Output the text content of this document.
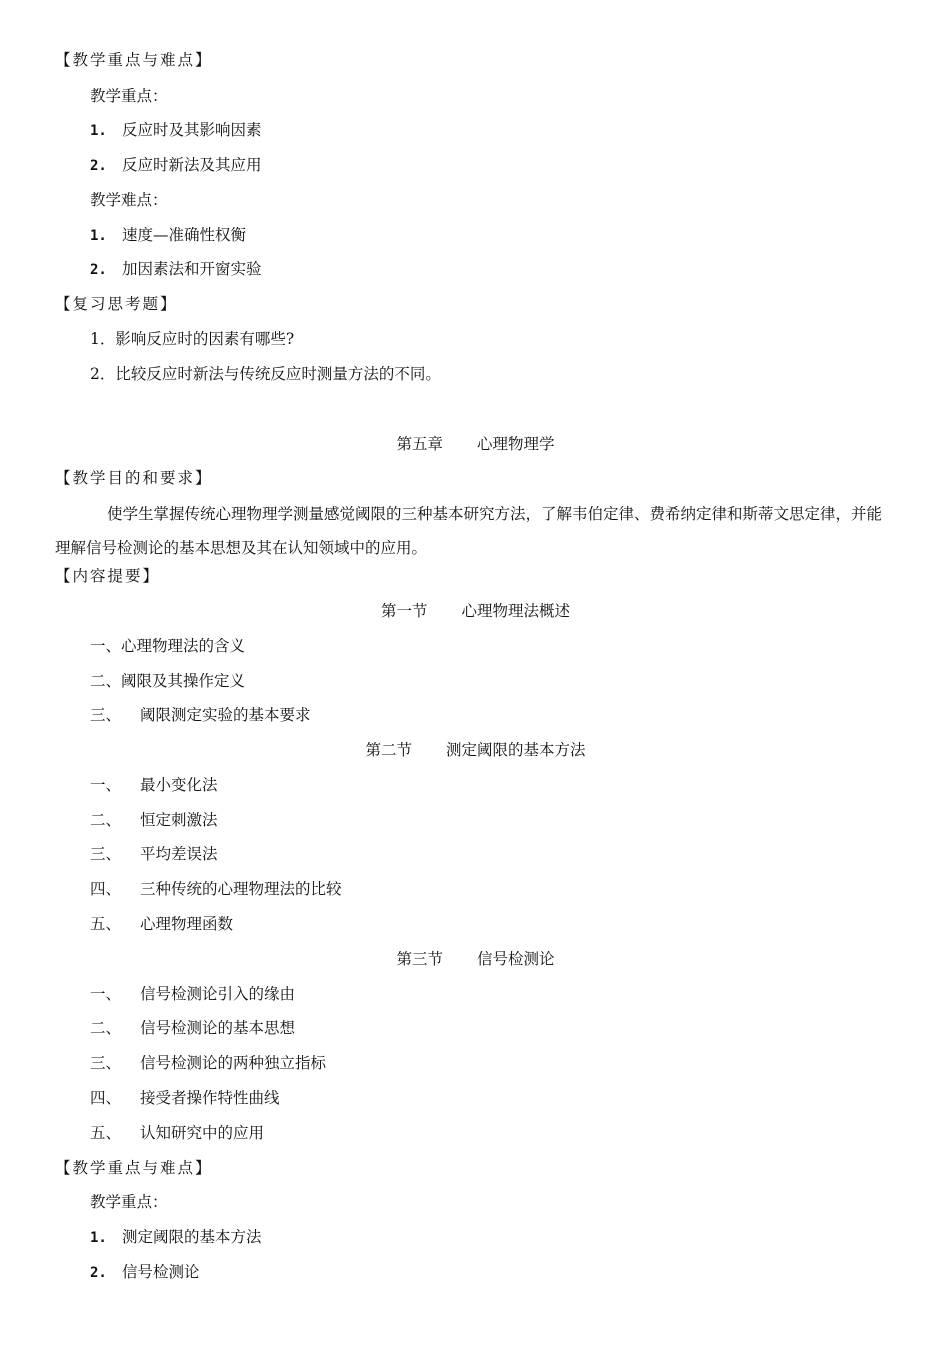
【教学重点与难点】
教学重点：
1. 反应时及其影响因素
2. 反应时新法及其应用
教学难点：
1. 速度—准确性权衡
2. 加因素法和开窗实验
【复习思考题】
1．影响反应时的因素有哪些?
2．比较反应时新法与传统反应时测量方法的不同。
第五章 心理物理学
【教学目的和要求】
使学生掌握传统心理物理学测量感觉阈限的三种基本研究方法，了解韦伯定律、费希纳定律和斯蒂文思定律，并能理解信号检测论的基本思想及其在认知领域中的应用。
【内容提要】
第一节 心理物理法概述
一、心理物理法的含义
二、阈限及其操作定义
三、 阈限测定实验的基本要求
第二节 测定阈限的基本方法
一、 最小变化法
二、 恒定刺激法
三、 平均差误法
四、 三种传统的心理物理法的比较
五、 心理物理函数
第三节 信号检测论
一、 信号检测论引入的缘由
二、 信号检测论的基本思想
三、 信号检测论的两种独立指标
四、 接受者操作特性曲线
五、 认知研究中的应用
【教学重点与难点】
教学重点：
1. 测定阈限的基本方法
2. 信号检测论
